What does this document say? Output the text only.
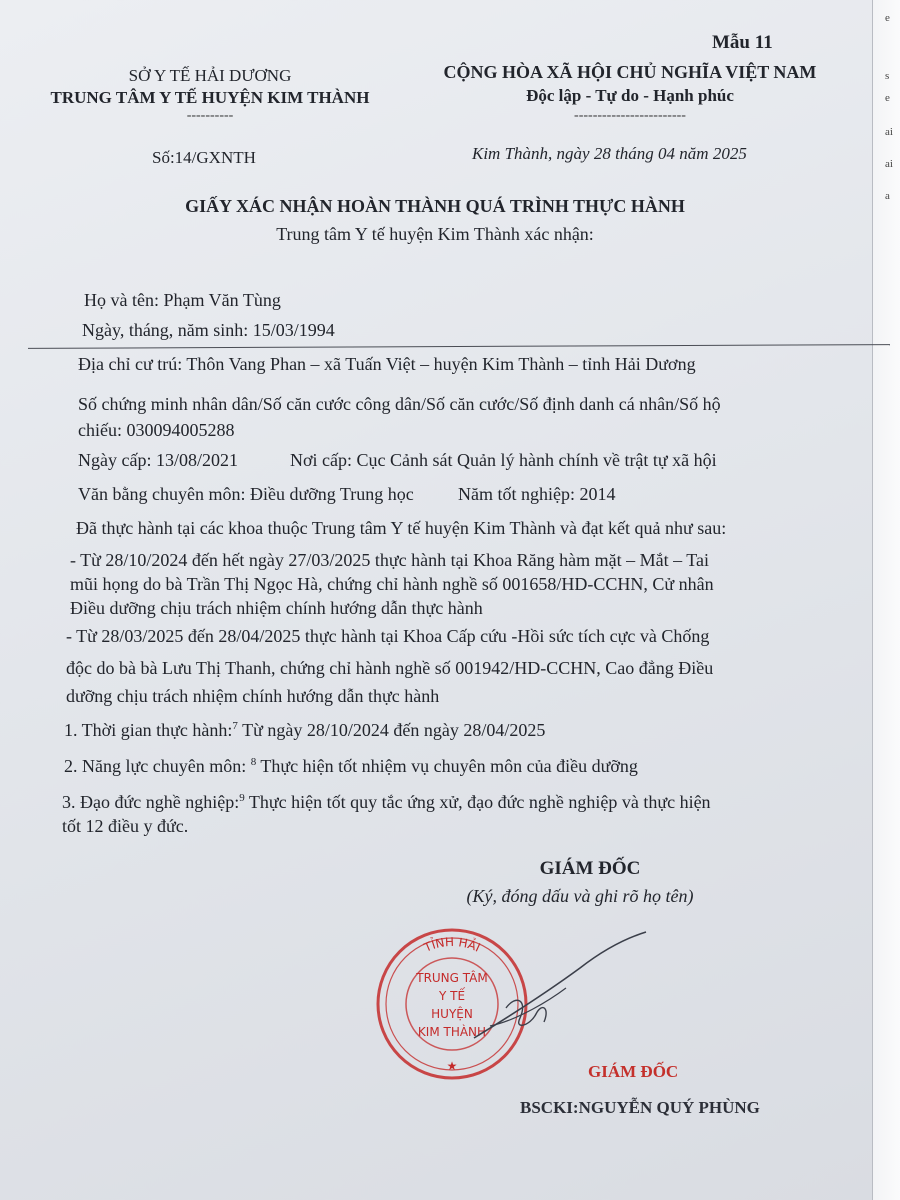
e
s
e
ai
ai
a
Mẫu 11
SỞ Y TẾ HẢI DƯƠNG
TRUNG TÂM Y TẾ HUYỆN KIM THÀNH
----------
CỘNG HÒA XÃ HỘI CHỦ NGHĨA VIỆT NAM
Độc lập - Tự do - Hạnh phúc
------------------------
Số:14/GXNTH	Kim Thành, ngày 28 tháng 04 năm 2025
GIẤY XÁC NHẬN HOÀN THÀNH QUÁ TRÌNH THỰC HÀNH
Trung tâm Y tế huyện Kim Thành xác nhận:
Họ và tên: Phạm Văn Tùng
Ngày, tháng, năm sinh: 15/03/1994
Địa chỉ cư trú: Thôn Vang Phan – xã Tuấn Việt – huyện Kim Thành – tỉnh Hải Dương
Số chứng minh nhân dân/Số căn cước công dân/Số căn cước/Số định danh cá nhân/Số hộ
chiếu: 030094005288
Ngày cấp: 13/08/2021	Nơi cấp: Cục Cảnh sát Quản lý hành chính về trật tự xã hội
Văn bằng chuyên môn: Điều dưỡng Trung học Năm tốt nghiệp: 2014
Đã thực hành tại các khoa thuộc Trung tâm Y tế huyện Kim Thành và đạt kết quả như sau:
- Từ 28/10/2024 đến hết ngày 27/03/2025 thực hành tại Khoa Răng hàm mặt – Mắt – Tai
mũi họng do bà Trần Thị Ngọc Hà, chứng chỉ hành nghề số 001658/HD-CCHN, Cử nhân
Điều dưỡng chịu trách nhiệm chính hướng dẫn thực hành
- Từ 28/03/2025 đến 28/04/2025 thực hành tại Khoa Cấp cứu -Hồi sức tích cực và Chống
độc do bà bà Lưu Thị Thanh, chứng chỉ hành nghề số 001942/HD-CCHN, Cao đẳng Điều
dưỡng chịu trách nhiệm chính hướng dẫn thực hành
1. Thời gian thực hành:$^7$ Từ ngày 28/10/2024 đến ngày 28/04/2025
2. Năng lực chuyên môn: $^8$ Thực hiện tốt nhiệm vụ chuyên môn của điều dưỡng
3. Đạo đức nghề nghiệp:$^9$ Thực hiện tốt quy tắc ứng xử, đạo đức nghề nghiệp và thực hiện
tốt 12 điều y đức.
GIÁM ĐỐC
(Ký, đóng dấu và ghi rõ họ tên)
TỈNH HẢI
TRUNG TÂM
Y TẾ
HUYỆN
KIM THÀNH
★	GIÁM ĐỐC
BSCKI:NGUYỄN QUÝ PHÙNG
